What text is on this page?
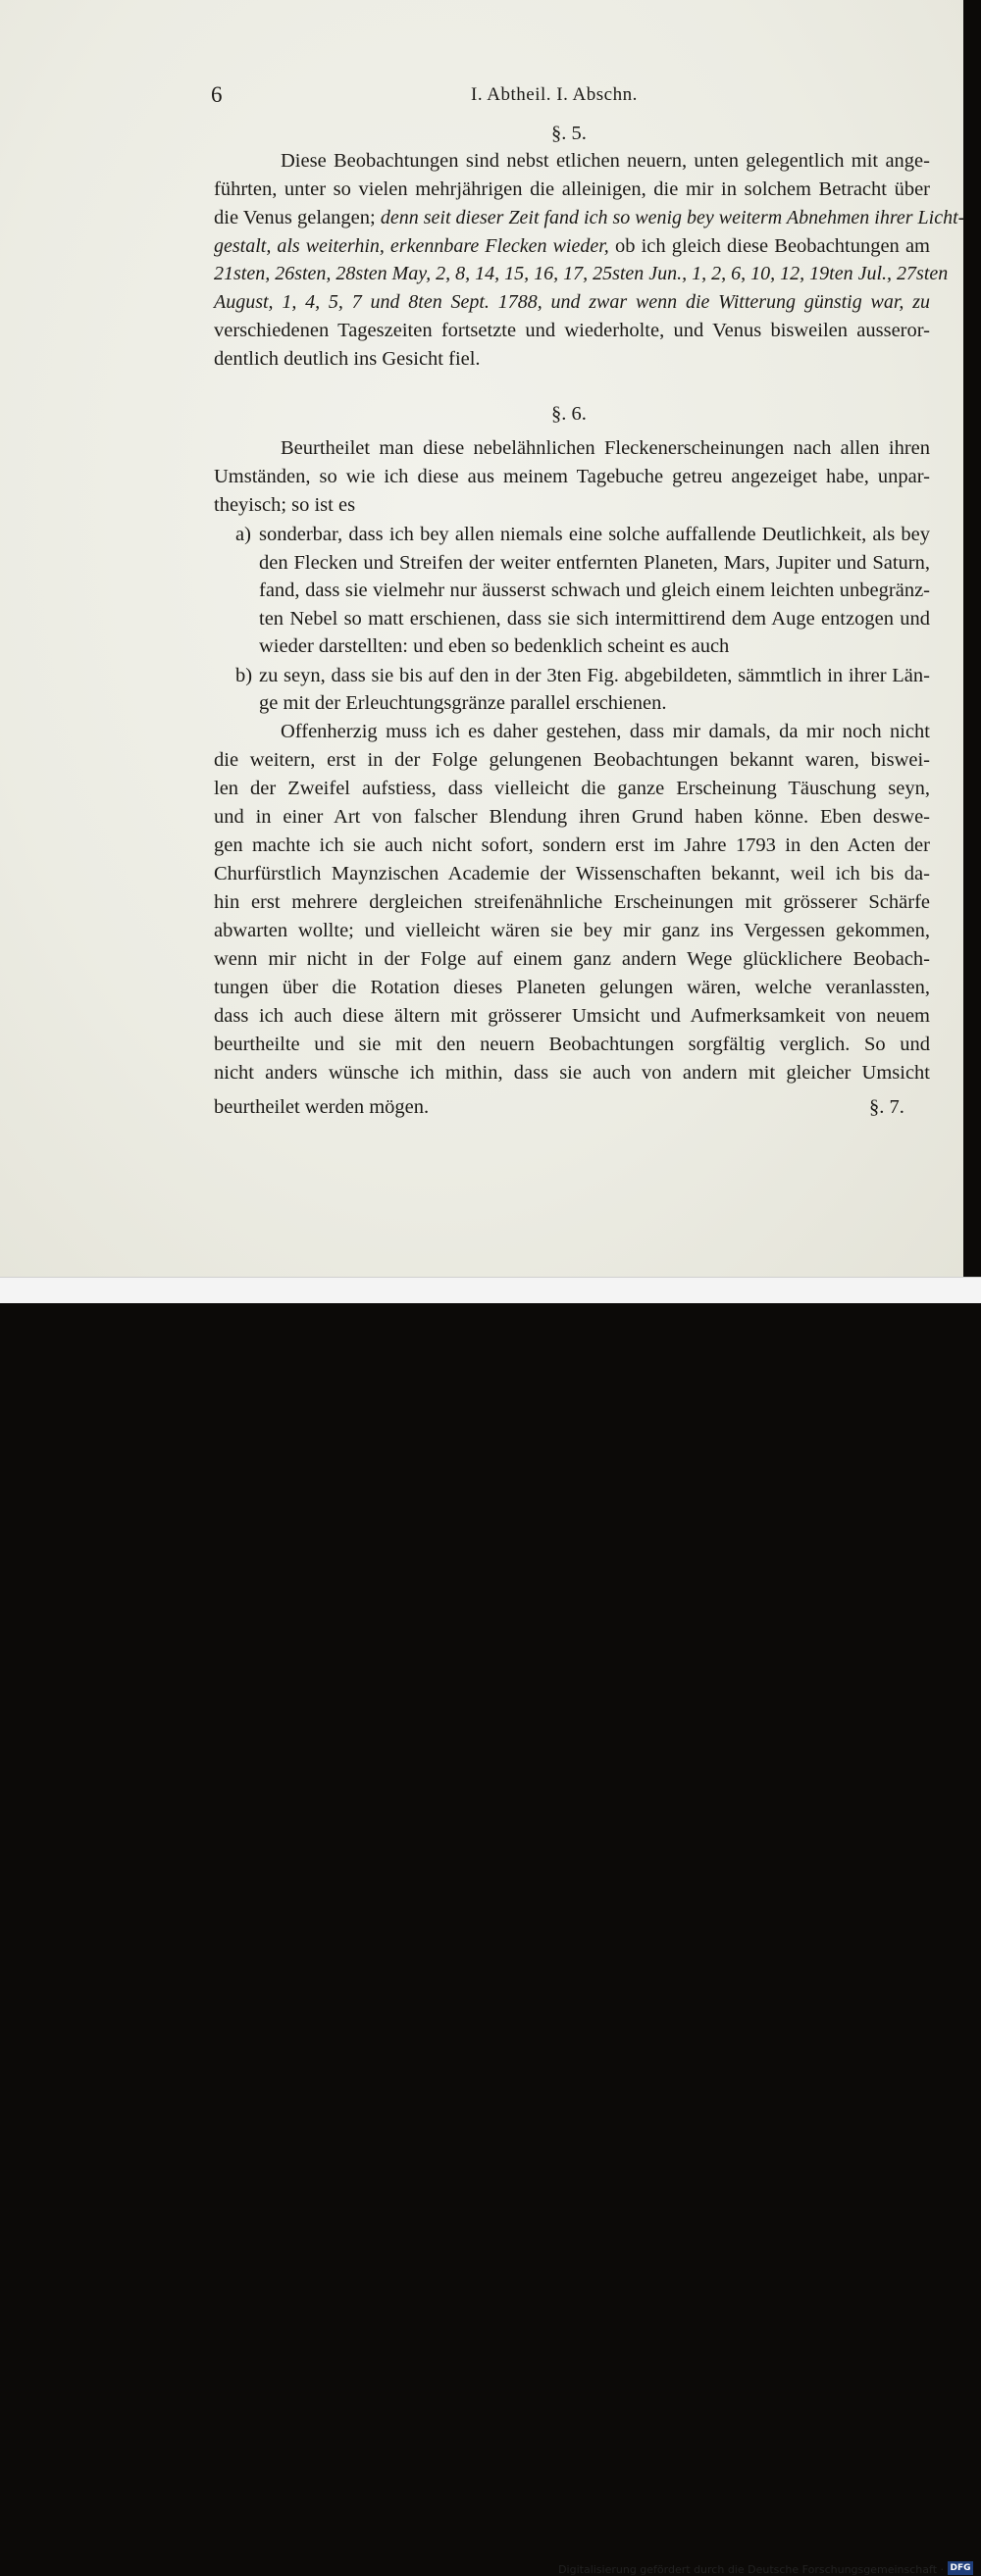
6	I. Abtheil. I. Abschn.
§. 5.
Diese Beobachtungen sind nebst etlichen neuern, unten gelegentlich mit ange-
führten, unter so vielen mehrjährigen die alleinigen, die mir in solchem Betracht über
die Venus gelangen; denn seit dieser Zeit fand ich so wenig bey weiterm Abnehmen ihrer Licht-
gestalt, als weiterhin, erkennbare Flecken wieder, ob ich gleich diese Beobachtungen am
21sten, 26sten, 28sten May, 2, 8, 14, 15, 16, 17, 25sten Jun., 1, 2, 6, 10, 12, 19ten Jul., 27sten
August, 1, 4, 5, 7 und 8ten Sept. 1788, und zwar wenn die Witterung günstig war, zu
verschiedenen Tageszeiten fortsetzte und wiederholte, und Venus bisweilen ausseror-
dentlich deutlich ins Gesicht fiel.
§. 6.
Beurtheilet man diese nebelähnlichen Fleckenerscheinungen nach allen ihren
Umständen, so wie ich diese aus meinem Tagebuche getreu angezeiget habe, unpar-
theyisch; so ist es
a) sonderbar, dass ich bey allen niemals eine solche auffallende Deutlichkeit, als bey
den Flecken und Streifen der weiter entfernten Planeten, Mars, Jupiter und Saturn,
fand, dass sie vielmehr nur äusserst schwach und gleich einem leichten unbegränz-
ten Nebel so matt erschienen, dass sie sich intermittirend dem Auge entzogen und
wieder darstellten: und eben so bedenklich scheint es auch
b) zu seyn, dass sie bis auf den in der 3ten Fig. abgebildeten, sämmtlich in ihrer Län-
ge mit der Erleuchtungsgränze parallel erschienen.
Offenherzig muss ich es daher gestehen, dass mir damals, da mir noch nicht
die weitern, erst in der Folge gelungenen Beobachtungen bekannt waren, biswei-
len der Zweifel aufstiess, dass vielleicht die ganze Erscheinung Täuschung seyn,
und in einer Art von falscher Blendung ihren Grund haben könne. Eben deswe-
gen machte ich sie auch nicht sofort, sondern erst im Jahre 1793 in den Acten der
Churfürstlich Maynzischen Academie der Wissenschaften bekannt, weil ich bis da-
hin erst mehrere dergleichen streifenähnliche Erscheinungen mit grösserer Schärfe
abwarten wollte; und vielleicht wären sie bey mir ganz ins Vergessen gekommen,
wenn mir nicht in der Folge auf einem ganz andern Wege glücklichere Beobach-
tungen über die Rotation dieses Planeten gelungen wären, welche veranlassten,
dass ich auch diese ältern mit grösserer Umsicht und Aufmerksamkeit von neuem
beurtheilte und sie mit den neuern Beobachtungen sorgfältig verglich. So und
nicht anders wünsche ich mithin, dass sie auch von andern mit gleicher Umsicht
beurtheilet werden mögen.	§. 7.
Digitalisierung gefördert durch die Deutsche Forschungsgemeinschaft · DFG
